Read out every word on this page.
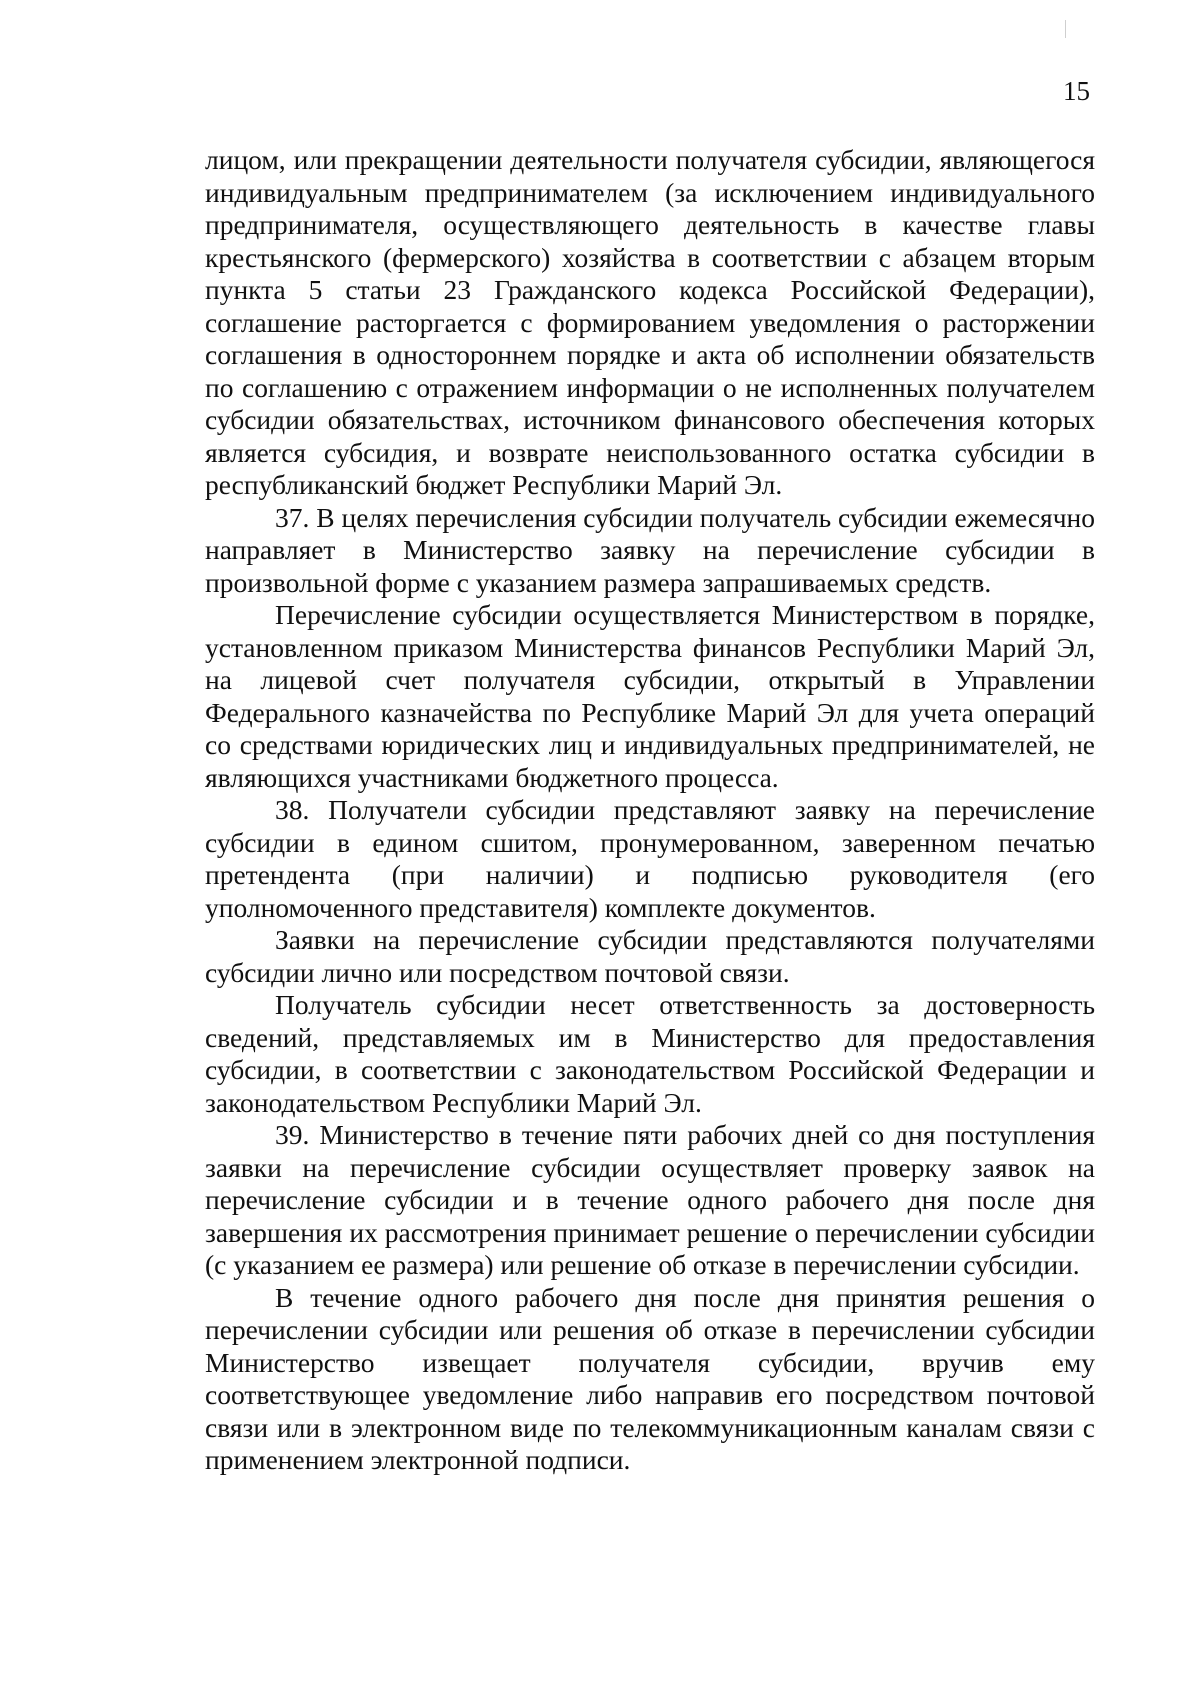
15

лицом, или прекращении деятельности получателя субсидии, являющегося индивидуальным предпринимателем (за исключением индивидуального предпринимателя, осуществляющего деятельность в качестве главы крестьянского (фермерского) хозяйства в соответствии с абзацем вторым пункта 5 статьи 23 Гражданского кодекса Российской Федерации), соглашение расторгается с формированием уведомления о расторжении соглашения в одностороннем порядке и акта об исполнении обязательств по соглашению с отражением информации о не исполненных получателем субсидии обязательствах, источником финансового обеспечения которых является субсидия, и возврате неиспользованного остатка субсидии в республиканский бюджет Республики Марий Эл.

37. В целях перечисления субсидии получатель субсидии ежемесячно направляет в Министерство заявку на перечисление субсидии в произвольной форме с указанием размера запрашиваемых средств.

Перечисление субсидии осуществляется Министерством в порядке, установленном приказом Министерства финансов Республики Марий Эл, на лицевой счет получателя субсидии, открытый в Управлении Федерального казначейства по Республике Марий Эл для учета операций со средствами юридических лиц и индивидуальных предпринимателей, не являющихся участниками бюджетного процесса.

38. Получатели субсидии представляют заявку на перечисление субсидии в едином сшитом, пронумерованном, заверенном печатью претендента (при наличии) и подписью руководителя (его уполномоченного представителя) комплекте документов.

Заявки на перечисление субсидии представляются получателями субсидии лично или посредством почтовой связи.

Получатель субсидии несет ответственность за достоверность сведений, представляемых им в Министерство для предоставления субсидии, в соответствии с законодательством Российской Федерации и законодательством Республики Марий Эл.

39. Министерство в течение пяти рабочих дней со дня поступления заявки на перечисление субсидии осуществляет проверку заявок на перечисление субсидии и в течение одного рабочего дня после дня завершения их рассмотрения принимает решение о перечислении субсидии (с указанием ее размера) или решение об отказе в перечислении субсидии.

В течение одного рабочего дня после дня принятия решения о перечислении субсидии или решения об отказе в перечислении субсидии Министерство извещает получателя субсидии, вручив ему соответствующее уведомление либо направив его посредством почтовой связи или в электронном виде по телекоммуникационным каналам связи с применением электронной подписи.
